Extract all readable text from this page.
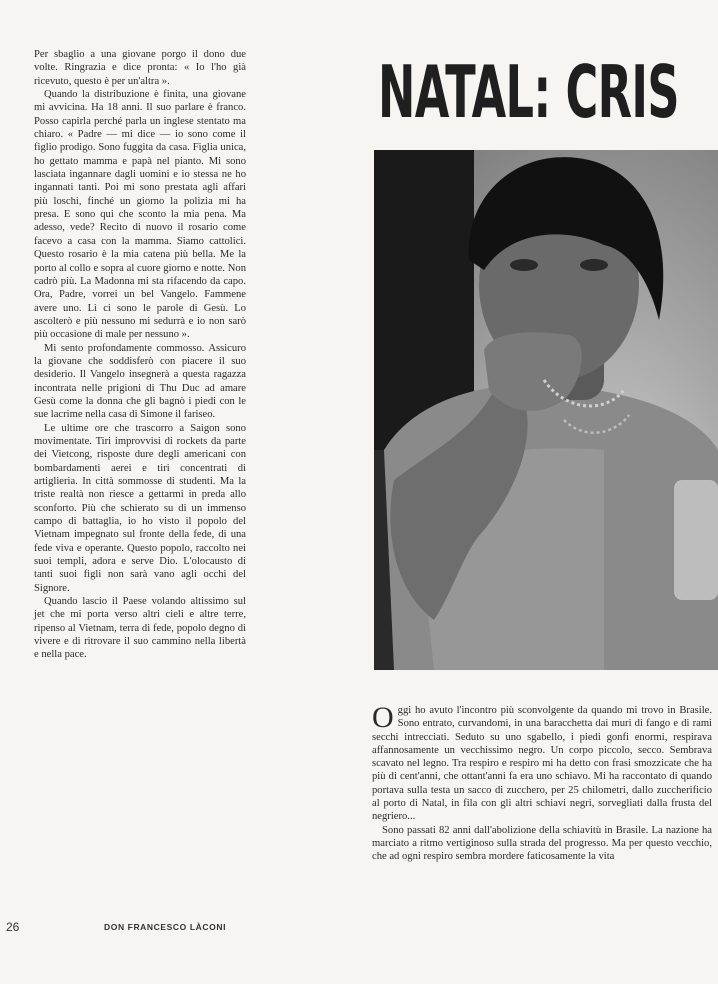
Per sbaglio a una giovane porgo il dono due volte. Ringrazia e dice pronta: « Io l'ho già ricevuto, questo è per un'altra ».

Quando la distribuzione è finita, una giovane mi avvicina. Ha 18 anni. Il suo parlare è franco. Posso capirla perché parla un inglese stentato ma chiaro. « Padre — mi dice — io sono come il figlio prodigo. Sono fuggita da casa. Figlia unica, ho gettato mamma e papà nel pianto. Mi sono lasciata ingannare dagli uomini e io stessa ne ho ingannati tanti. Poi mi sono prestata agli affari più loschi, finché un giorno la polizia mi ha presa. E sono qui che sconto la mia pena. Ma adesso, vede? Recito di nuovo il rosario come facevo a casa con la mamma. Siamo cattolici. Questo rosario è la mia catena più bella. Me la porto al collo e sopra al cuore giorno e notte. Non cadrò più. La Madonna mi sta rifacendo da capo. Ora, Padre, vorrei un bel Vangelo. Fammene avere uno. Lì ci sono le parole di Gesù. Lo ascolterò e più nessuno mi sedurrà e io non sarò più occasione di male per nessuno ».

Mi sento profondamente commosso. Assicuro la giovane che soddisferò con piacere il suo desiderio. Il Vangelo insegnerà a questa ragazza incontrata nelle prigioni di Thu Duc ad amare Gesù come la donna che gli bagnò i piedi con le sue lacrime nella casa di Simone il fariseo.

Le ultime ore che trascorro a Saigon sono movimentate. Tiri improvvisi di rockets da parte dei Vietcong, risposte dure degli americani con bombardamenti aerei e tiri concentrati di artiglieria. In città sommosse di studenti. Ma la triste realtà non riesce a gettarmi in preda allo sconforto. Più che schierato su di un immenso campo di battaglia, io ho visto il popolo del Vietnam impegnato sul fronte della fede, di una fede viva e operante. Questo popolo, raccolto nei suoi templi, adora e serve Dio. L'olocausto di tanti suoi figli non sarà vano agli occhi del Signore.

Quando lascio il Paese volando altissimo sul jet che mi porta verso altri cieli e altre terre, ripenso al Vietnam, terra di fede, popolo degno di vivere e di ritrovare il suo cammino nella libertà e nella pace.

NATAL: CRIS

Oggi ho avuto l'incontro più sconvolgente da quando mi trovo in Brasile. Sono entrato, curvandomi, in una baracchetta dai muri di fango e di rami secchi intrecciati. Seduto su uno sgabello, i piedi gonfi enormi, respirava affannosamente un vecchissimo negro. Un corpo piccolo, secco. Sembrava scavato nel legno. Tra respiro e respiro mi ha detto con frasi smozzicate che ha più di cent'anni, che ottant'anni fa era uno schiavo. Mi ha raccontato di quando portava sulla testa un sacco di zucchero, per 25 chilometri, dallo zuccherificio al porto di Natal, in fila con gli altri schiavi negri, sorvegliati dalla frusta del negriero...

Sono passati 82 anni dall'abolizione della schiavitù in Brasile. La nazione ha marciato a ritmo vertiginoso sulla strada del progresso. Ma per questo vecchio, che ad ogni respiro sembra mordere faticosamente la vita

26	DON FRANCESCO LÀCONI
